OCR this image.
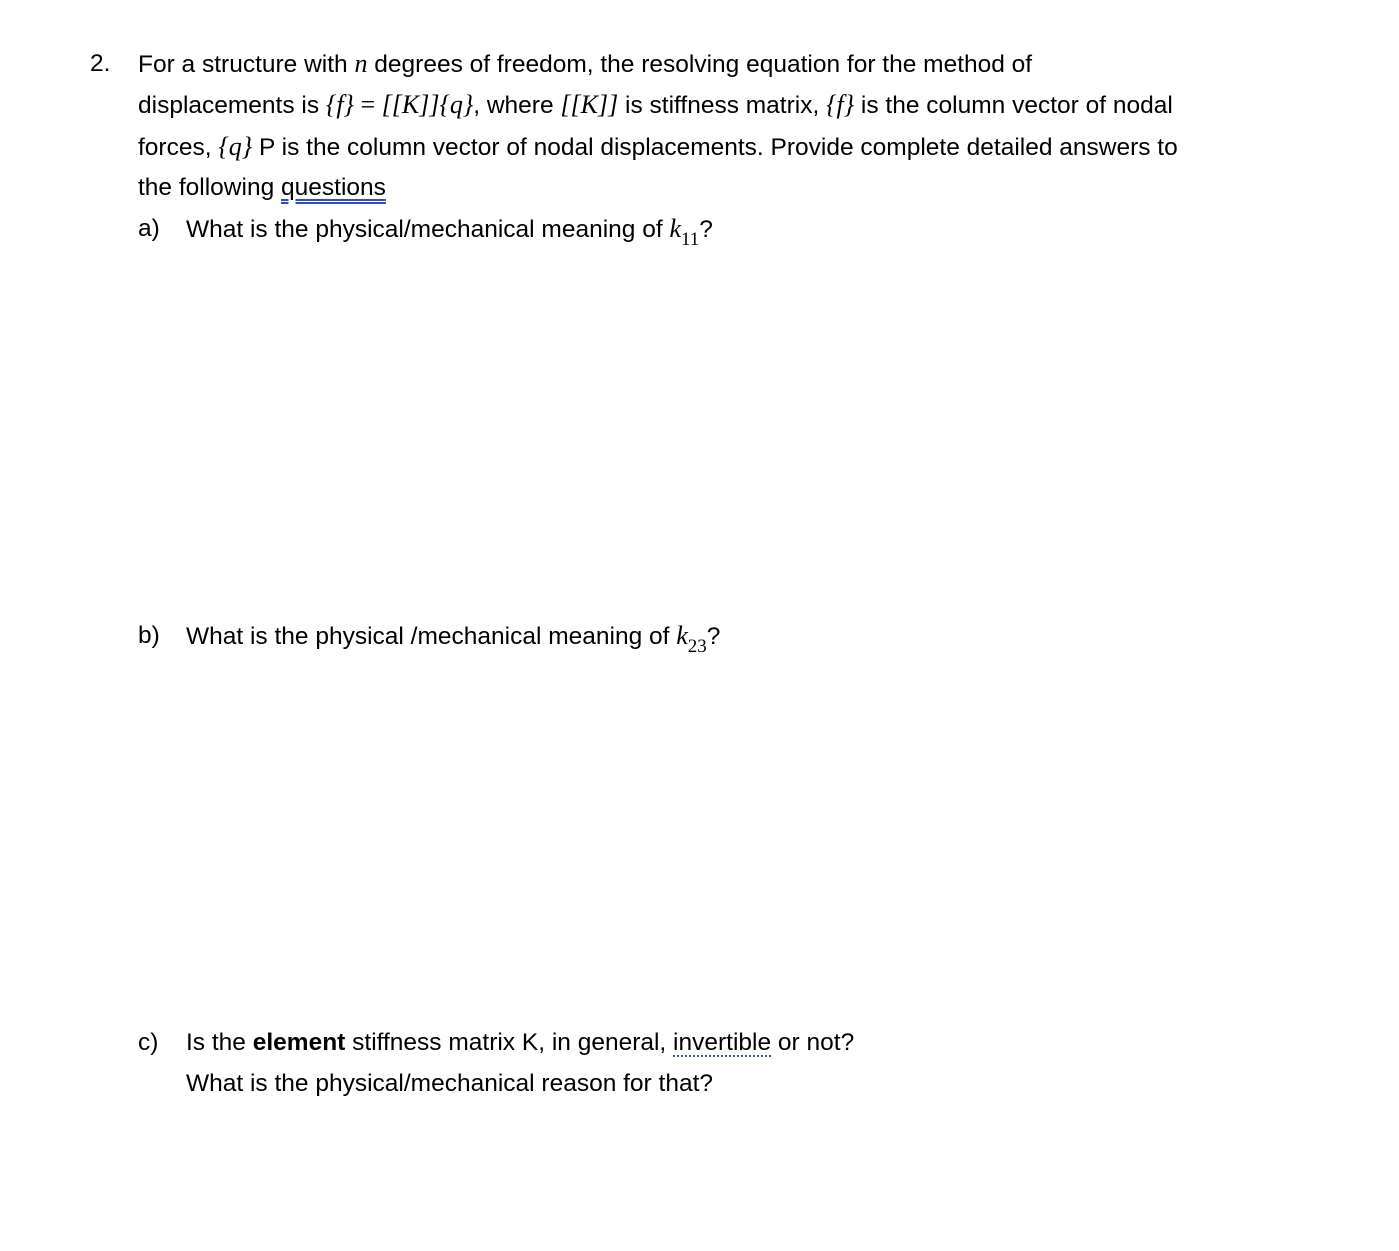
2. For a structure with n degrees of freedom, the resolving equation for the method of
displacements is {f} = [[K]]{q}, where [[K]] is stiffness matrix, {f} is the column vector of nodal
forces, {q} P is the column vector of nodal displacements. Provide complete detailed answers to
the following questions
a) What is the physical/mechanical meaning of $k_{11}$?
b) What is the physical /mechanical meaning of $k_{23}$?
c) Is the element stiffness matrix K, in general, invertible or not?
What is the physical/mechanical reason for that?
